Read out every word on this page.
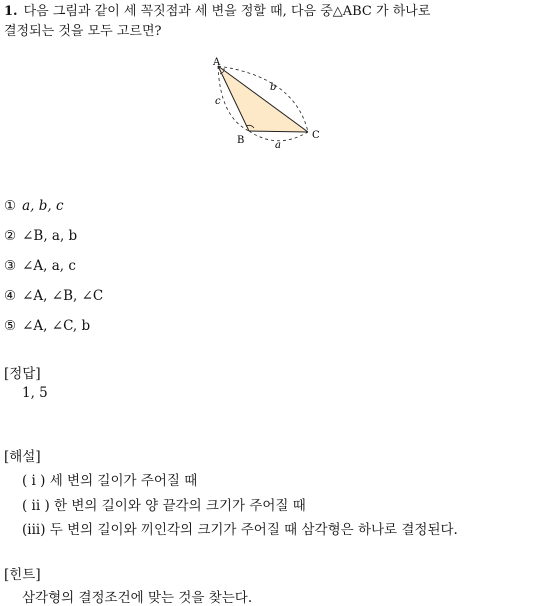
1. 다음 그림과 같이 세 꼭짓점과 세 변을 정할 때, 다음 중△ABC 가 하나로
결정되는 것을 모두 고르면?
A
B	C
b
c
a
① a, b, c
② ∠B, a, b
③ ∠A, a, c
④ ∠A, ∠B, ∠C
⑤ ∠A, ∠C, b
[정답]
1, 5
[해설]
( i ) 세 변의 길이가 주어질 때
( ii ) 한 변의 길이와 양 끝각의 크기가 주어질 때
(iii) 두 변의 길이와 끼인각의 크기가 주어질 때 삼각형은 하나로 결정된다.
[힌트]
삼각형의 결정조건에 맞는 것을 찾는다.
